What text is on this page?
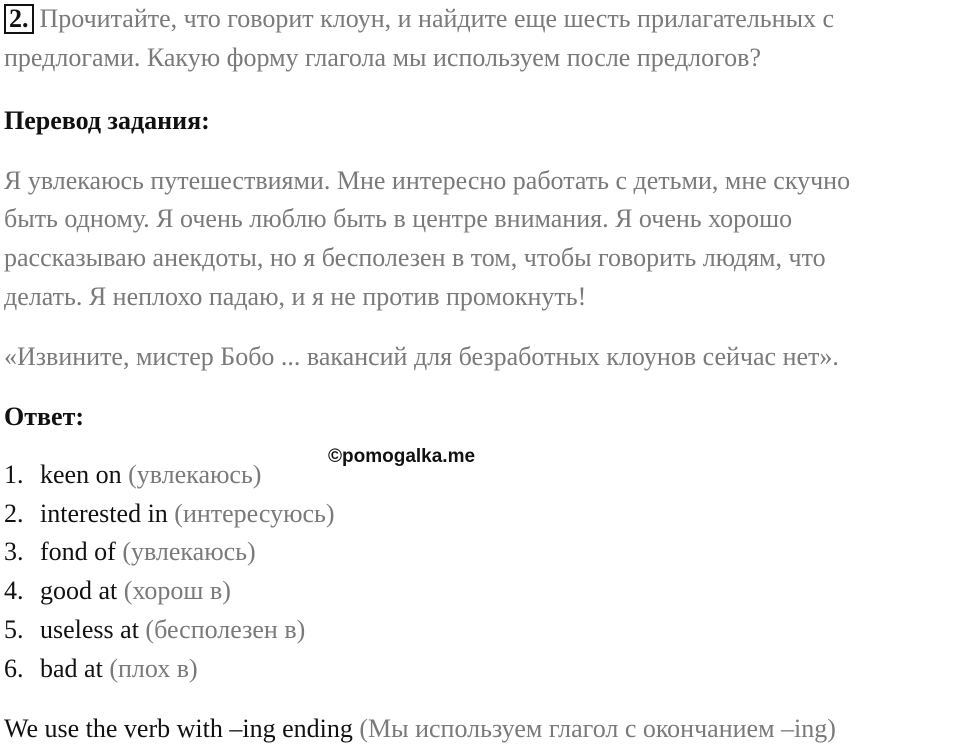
2. Прочитайте, что говорит клоун, и найдите еще шесть прилагательных с
предлогами. Какую форму глагола мы используем после предлогов?
Перевод задания:
Я увлекаюсь путешествиями. Мне интересно работать с детьми, мне скучно
быть одному. Я очень люблю быть в центре внимания. Я очень хорошо
рассказываю анекдоты, но я бесполезен в том, чтобы говорить людям, что
делать. Я неплохо падаю, и я не против промокнуть!
«Извините, мистер Бобо ... вакансий для безработных клоунов сейчас нет».
Ответ:
©pomogalka.me
1. keen on (увлекаюсь)
2. interested in (интересуюсь)
3. fond of (увлекаюсь)
4. good at (хорош в)
5. useless at (бесполезен в)
6. bad at (плох в)
We use the verb with –ing ending (Мы используем глагол с окончанием –ing)
